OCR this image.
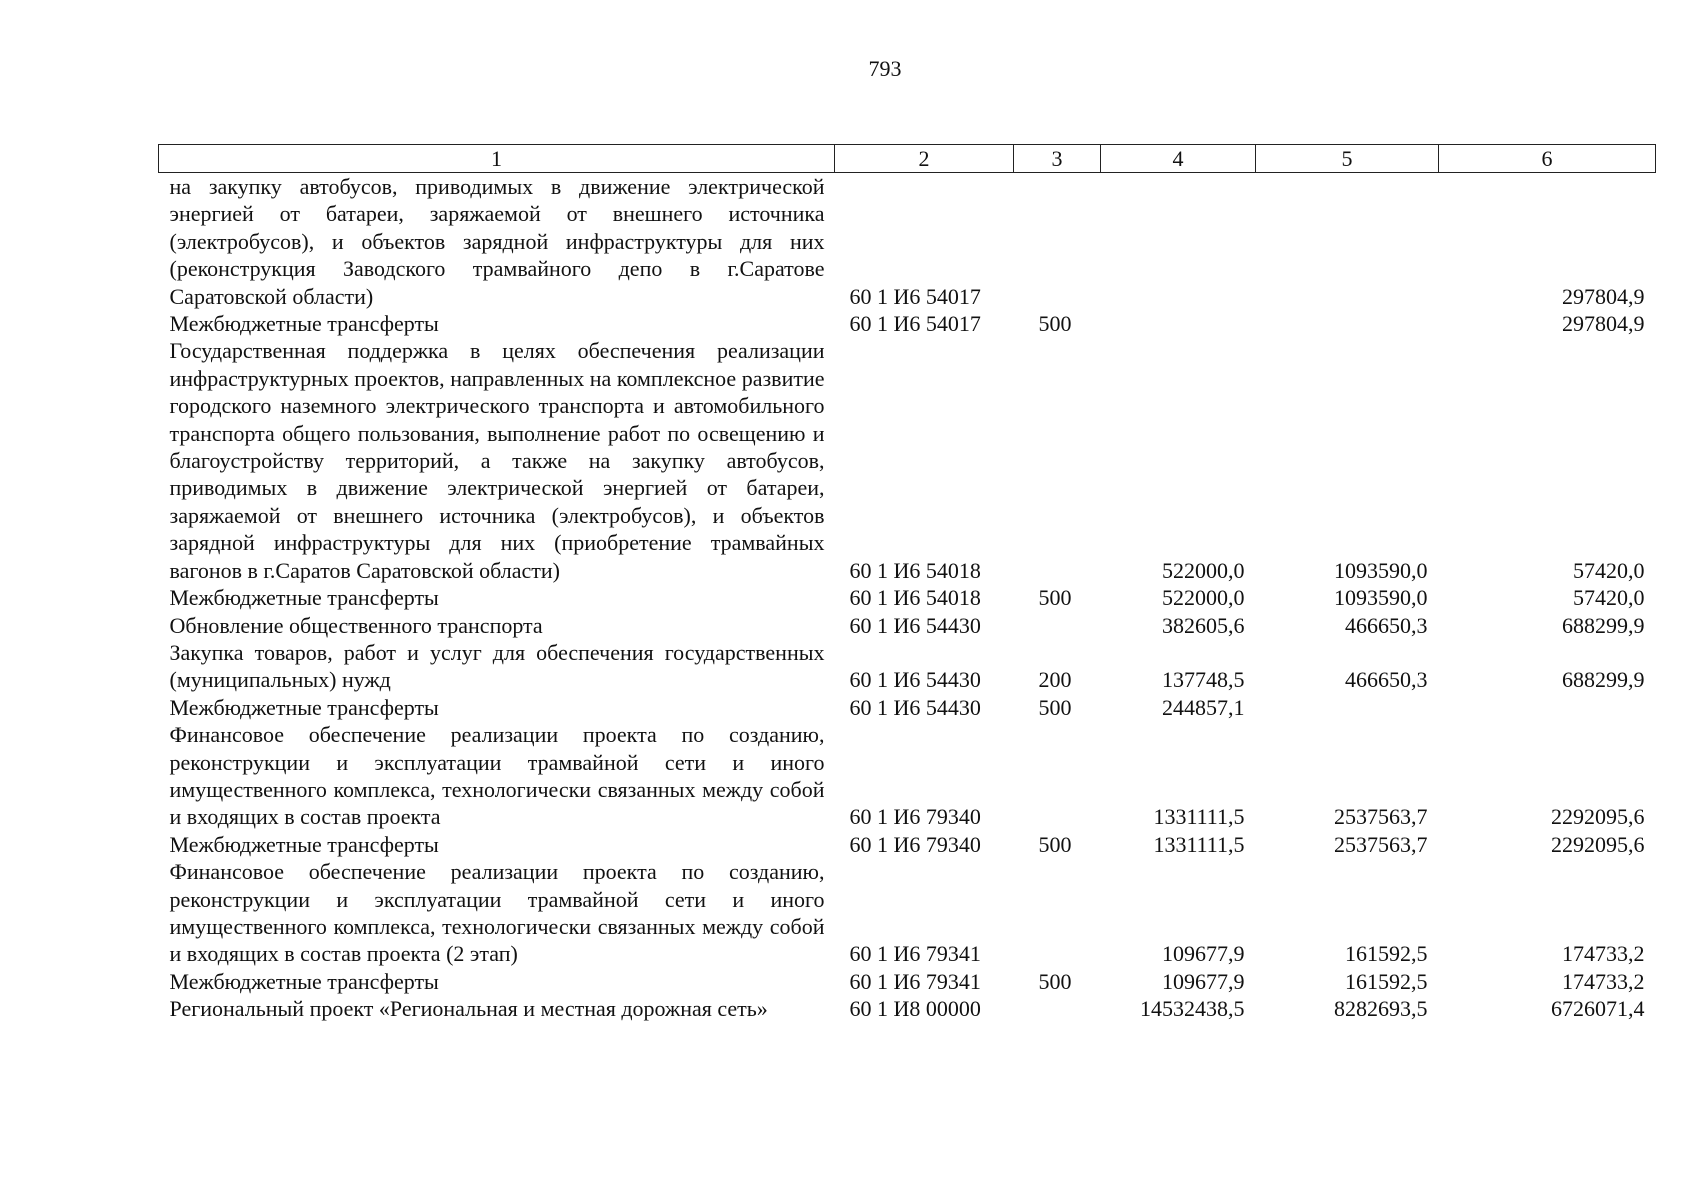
793
1	2	3	4	5	6
на закупку автобусов, приводимых в движение электрической энергией от батареи, заряжаемой от внешнего источника (электробусов), и объектов зарядной инфраструктуры для них (реконструкция Заводского трамвайного депо в г.Саратове Саратовской области)	60 1 И6 54017				297804,9
Межбюджетные трансферты	60 1 И6 54017	500			297804,9
Государственная поддержка в целях обеспечения реализации инфраструктурных проектов, направленных на комплексное развитие городского наземного электрического транспорта и автомобильного транспорта общего пользования, выполнение работ по освещению и благоустройству территорий, а также на закупку автобусов, приводимых в движение электрической энергией от батареи, заряжаемой от внешнего источника (электробусов), и объектов зарядной инфраструктуры для них (приобретение трамвайных вагонов в г.Саратов Саратовской области)	60 1 И6 54018		522000,0	1093590,0	57420,0
Межбюджетные трансферты	60 1 И6 54018	500	522000,0	1093590,0	57420,0
Обновление общественного транспорта	60 1 И6 54430		382605,6	466650,3	688299,9
Закупка товаров, работ и услуг для обеспечения государственных (муниципальных) нужд	60 1 И6 54430	200	137748,5	466650,3	688299,9
Межбюджетные трансферты	60 1 И6 54430	500	244857,1		
Финансовое обеспечение реализации проекта по созданию, реконструкции и эксплуатации трамвайной сети и иного имущественного комплекса, технологически связанных между собой и входящих в состав проекта	60 1 И6 79340		1331111,5	2537563,7	2292095,6
Межбюджетные трансферты	60 1 И6 79340	500	1331111,5	2537563,7	2292095,6
Финансовое обеспечение реализации проекта по созданию, реконструкции и эксплуатации трамвайной сети и иного имущественного комплекса, технологически связанных между собой и входящих в состав проекта (2 этап)	60 1 И6 79341		109677,9	161592,5	174733,2
Межбюджетные трансферты	60 1 И6 79341	500	109677,9	161592,5	174733,2
Региональный проект «Региональная и местная дорожная сеть»	60 1 И8 00000		14532438,5	8282693,5	6726071,4
